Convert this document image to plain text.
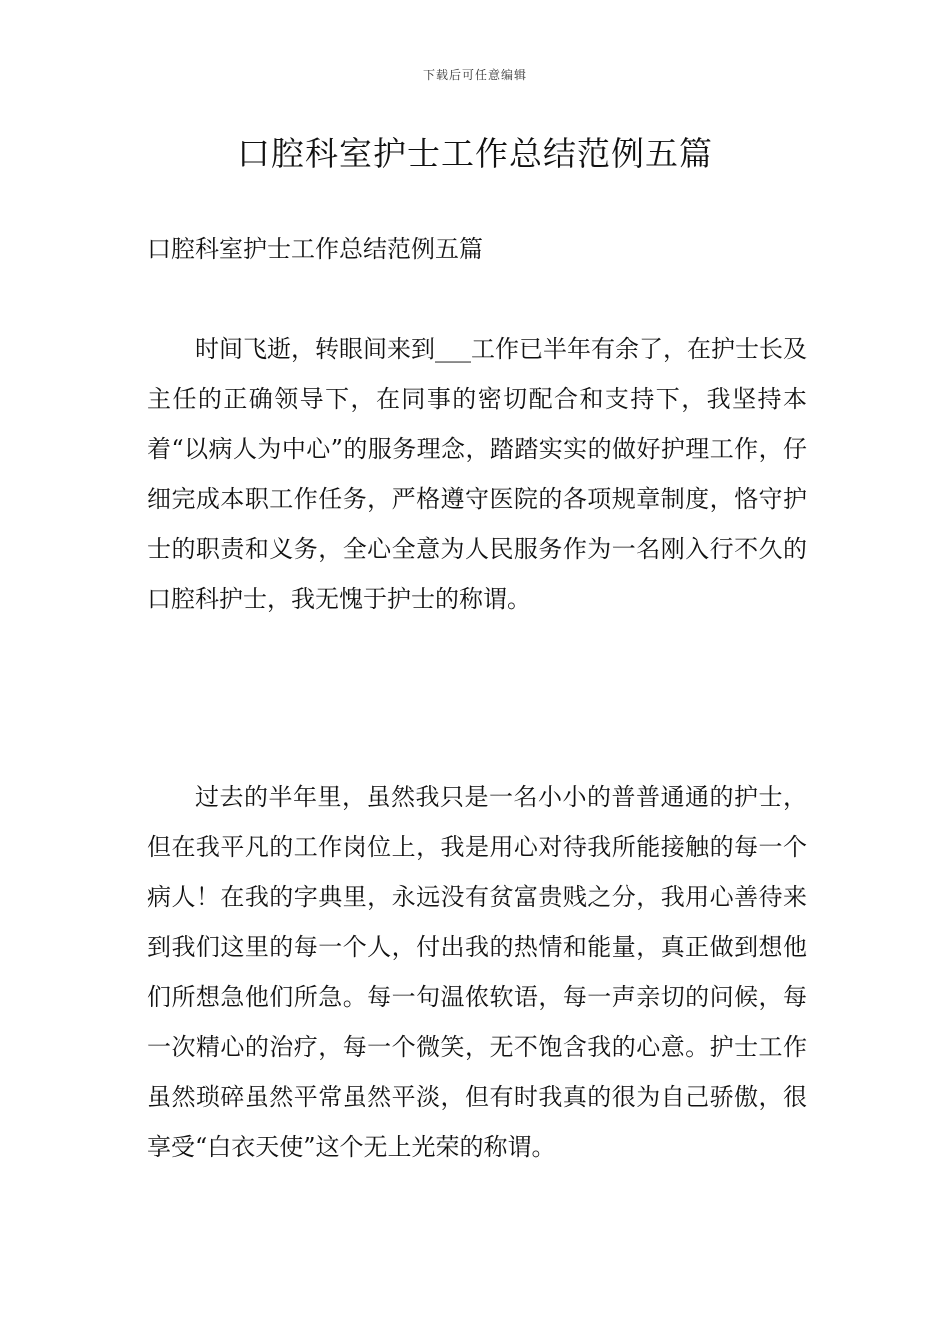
下载后可任意编辑
口腔科室护士工作总结范例五篇

口腔科室护士工作总结范例五篇

时间飞逝，转眼间来到___工作已半年有余了，在护士长及主任的正确领导下，在同事的密切配合和支持下，我坚持本着“以病人为中心”的服务理念，踏踏实实的做好护理工作，仔细完成本职工作任务，严格遵守医院的各项规章制度，恪守护士的职责和义务，全心全意为人民服务作为一名刚入行不久的口腔科护士，我无愧于护士的称谓。

过去的半年里，虽然我只是一名小小的普普通通的护士，但在我平凡的工作岗位上，我是用心对待我所能接触的每一个病人！在我的字典里，永远没有贫富贵贱之分，我用心善待来到我们这里的每一个人，付出我的热情和能量，真正做到想他们所想急他们所急。每一句温侬软语，每一声亲切的问候，每一次精心的治疗，每一个微笑，无不饱含我的心意。护士工作虽然琐碎虽然平常虽然平淡，但有时我真的很为自己骄傲，很享受“白衣天使”这个无上光荣的称谓。
